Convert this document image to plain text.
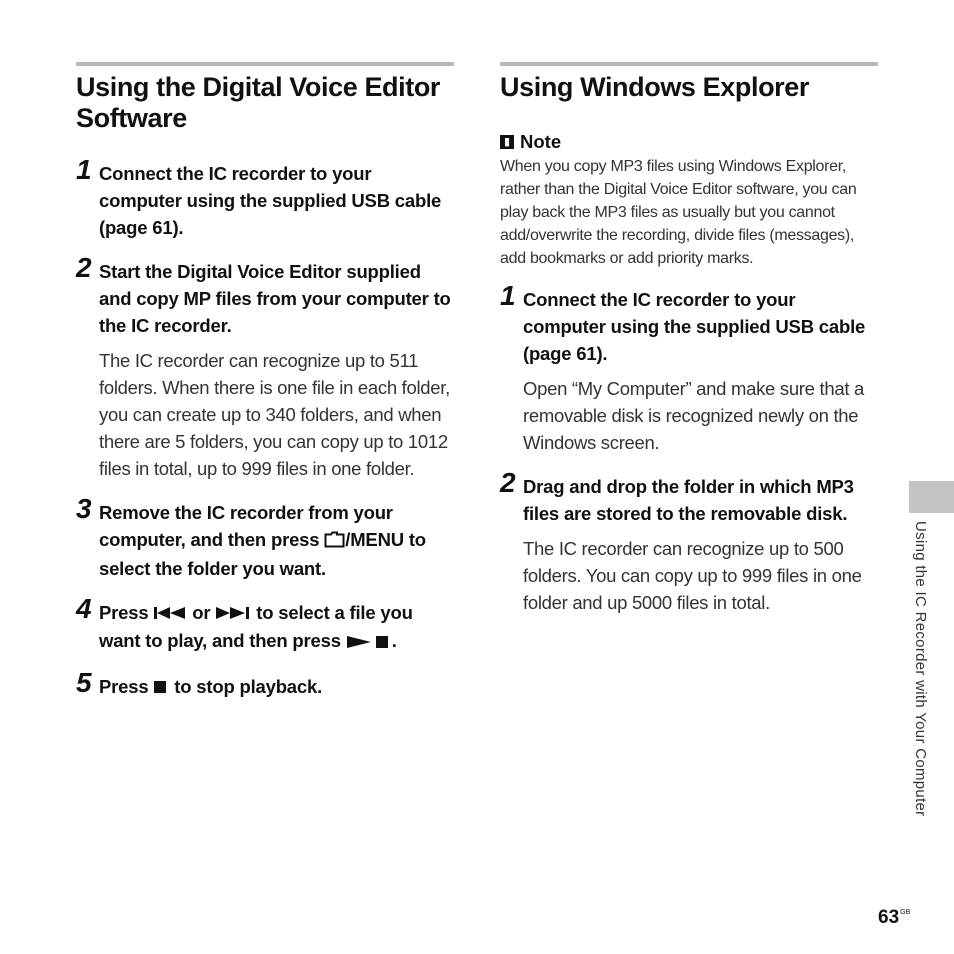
Using the Digital Voice Editor Software
1 Connect the IC recorder to your computer using the supplied USB cable (page 61).
2 Start the Digital Voice Editor supplied and copy MP files from your computer to the IC recorder.
The IC recorder can recognize up to 511 folders. When there is one file in each folder, you can create up to 340 folders, and when there are 5 folders, you can copy up to 1012 files in total, up to 999 files in one folder.
3 Remove the IC recorder from your computer, and then press /MENU to select the folder you want.
4 Press  or  to select a file you want to play, and then press .
5 Press  to stop playback.
Using Windows Explorer
▮ Note
When you copy MP3 files using Windows Explorer, rather than the Digital Voice Editor software, you can play back the MP3 files as usually but you cannot add/overwrite the recording, divide files (messages), add bookmarks or add priority marks.
1 Connect the IC recorder to your computer using the supplied USB cable (page 61).
Open “My Computer” and make sure that a removable disk is recognized newly on the Windows screen.
2 Drag and drop the folder in which MP3 files are stored to the removable disk.
The IC recorder can recognize up to 500 folders. You can copy up to 999 files in one folder and up 5000 files in total.	Using the IC Recorder with Your Computer
$63^{GB}$
